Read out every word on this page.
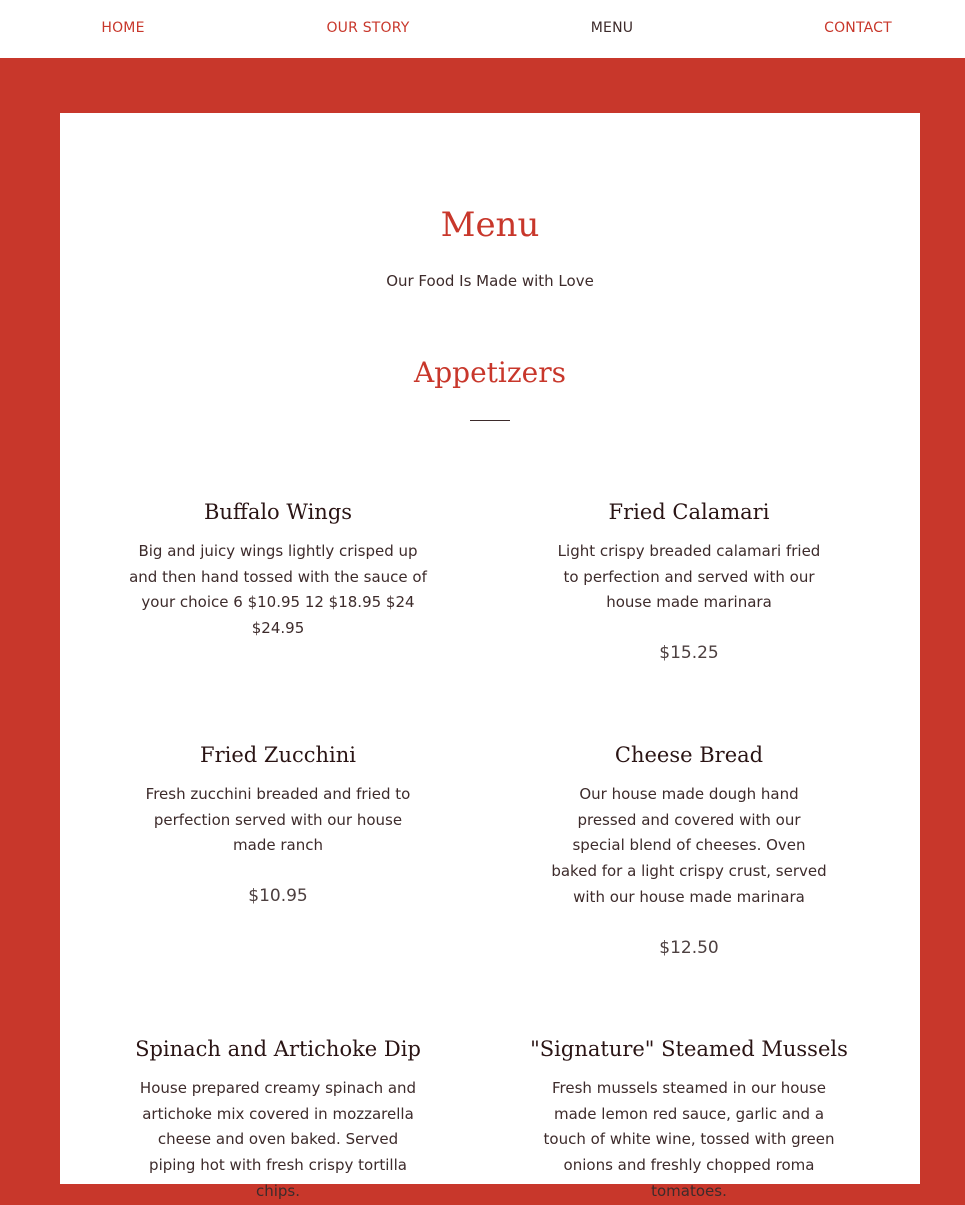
HOME	OUR STORY	MENU	CONTACT
Menu
Our Food Is Made with Love
Appetizers
Buffalo Wings

Big and juicy wings lightly crisped up and then hand tossed with the sauce of your choice 6 $10.95 12 $18.95 $24 $24.95

Fried Calamari

Light crispy breaded calamari fried to perfection and served with our house made marinara

$15.25
Fried Zucchini

Fresh zucchini breaded and fried to perfection served with our house made ranch

$10.95
Cheese Bread

Our house made dough hand pressed and covered with our special blend of cheeses. Oven baked for a light crispy crust, served with our house made marinara

$12.50
Spinach and Artichoke Dip

House prepared creamy spinach and artichoke mix covered in mozzarella cheese and oven baked. Served piping hot with fresh crispy tortilla chips.

"Signature" Steamed Mussels

Fresh mussels steamed in our house made lemon red sauce, garlic and a touch of white wine, tossed with green onions and freshly chopped roma tomatoes.
